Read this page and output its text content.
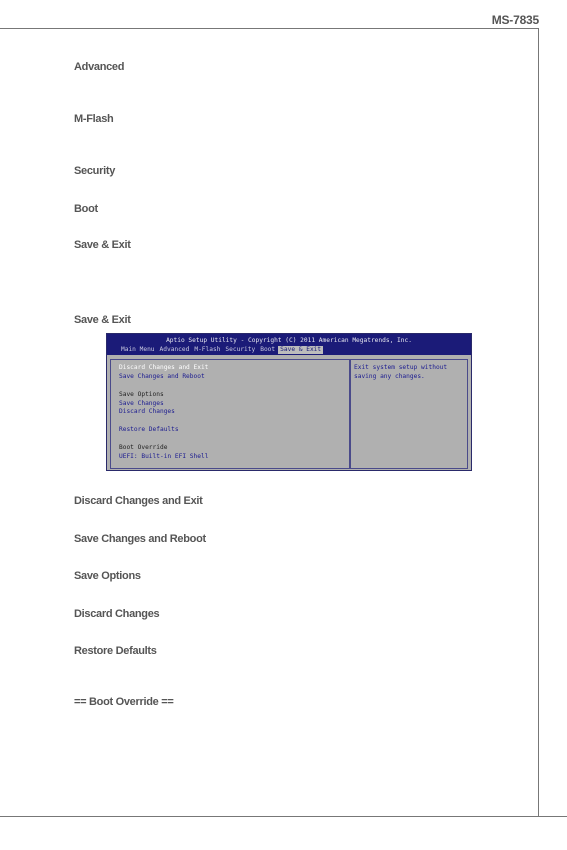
MS-7835
Advanced
M-Flash
Security
Boot
Save & Exit
Save & Exit
Aptio Setup Utility - Copyright (C) 2011 American Megatrends, Inc.
Main Menu Advanced M-Flash Security Boot Save & Exit
Discard Changes and Exit
Save Changes and Reboot
Save Options
Save Changes
Discard Changes
Restore Defaults
Boot Override
UEFI: Built-in EFI Shell
Exit system setup without
saving any changes.
Discard Changes and Exit
Save Changes and Reboot
Save Options
Discard Changes
Restore Defaults
== Boot Override ==
